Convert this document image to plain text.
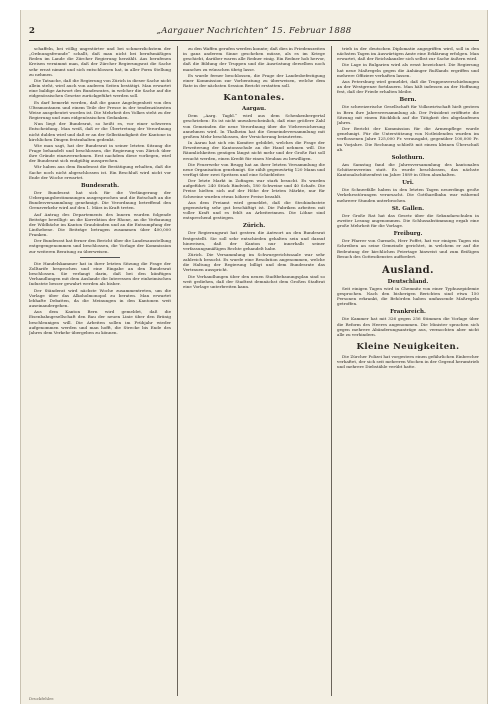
2	„Aargauer Nachrichten“ 15. Februar 1888

schaffeln, bei völlig ungestörter und bei schmerzlichstem der „Ordnungsfreunde“ schallt, daß man nicht bei berufsmäßigen Reden im Lande die Zürcher Regierung herzählt. Aus berufenen Kreisen vernimmt man, daß der Zürcher Regierungsrat die Sache sehr ernst nimmt und sich entschlossen hat, in aller Form Stellung zu nehmen.

Die Tatsache, daß die Regierung von Zürich in dieser Sache nicht allein steht, wird auch von anderen Seiten bestätigt. Man erwartet eine baldige Antwort des Bundesrates, in welcher die Sache auf die eidgenössischen Gesetze zurückgeführt werden soll.

Es darf bemerkt werden, daß die ganze Angelegenheit von den Ultramontanen und einem Teile der Presse in der tendenziösesten Weise ausgebeutet worden ist. Die Mehrheit des Volkes steht zu der Regierung und zum eidgenössischen Gedanken.

Nun liegt der Bundesrat, so heißt es, vor einer schweren Entscheidung. Man weiß, daß er die Übertretung der Verordnung nicht dulden wird und daß er an der Selbständigkeit der Kantone in kirchlichen Dingen festzuhalten gedenkt.

Wie man sagt, hat der Bundesrat in seiner letzten Sitzung die Frage behandelt und beschlossen, die Regierung von Zürich über ihre Gründe einzuvernehmen. Erst nachdem diese vorliegen, wird der Bundesrat sich endgültig aussprechen.

Wir haben aus dem Bundesrat die Bestätigung erhalten, daß die Sache noch nicht abgeschlossen ist. Ein Beschluß wird nicht vor Ende der Woche erwartet.

Bundesrath.

Der Bundesrat hat sich für die Verlängerung der Uebergangsbestimmungen ausgesprochen und die Botschaft an die Bundesversammlung genehmigt. Die Verordnung betreffend den Grenzverkehr wird auf den 1. März in Kraft treten.

Auf Antrag des Departements des Innern wurden folgende Beiträge bewilligt: an die Korrektion der Rhone, an die Verbauung der Wildbäche im Kanton Graubünden und an die Entsumpfung der Linthebene. Die Beiträge betragen zusammen über 400,000 Franken.

Der Bundesrat hat ferner den Bericht über die Landesausstellung entgegengenommen und beschlossen, die Vorlage der Kommission zur weiteren Beratung zu überweisen.

Die Handelskammer hat in ihrer letzten Sitzung die Frage der Zolltarife besprochen und eine Eingabe an den Bundesrat beschlossen. Sie verlangt darin, daß bei den künftigen Verhandlungen mit dem Auslande die Interessen der einheimischen Industrie besser gewahrt werden als bisher.

Der Ständerat wird nächste Woche zusammentreten, um die Vorlage über das Alkoholmonopol zu beraten. Man erwartet lebhafte Debatten, da die Meinungen in den Kantonen weit auseinandergehen.

Aus dem Kanton Bern wird gemeldet, daß die Eisenbahngesellschaft den Bau der neuen Linie über den Brünig beschleunigen will. Die Arbeiten sollen im Frühjahr wieder aufgenommen werden und man hofft, die Strecke bis Ende des Jahres dem Verkehr übergeben zu können.

zu den Waffen gerufen werden konnte; daß dies in Friedenszeiten in ganz anderem Sinne geschehen müsse, als es im Kriege geschieht, darüber waren alle Redner einig. Ein Redner hob hervor, daß die Bildung der Truppen und die Ausrüstung derselben noch manches zu wünschen übrig lasse.

Es wurde ferner beschlossen, die Frage der Landesbefestigung einer Kommission zur Vorberatung zu überweisen, welche dem Rate in der nächsten Session Bericht erstatten soll.

Kantonales.
Aargau.

Dem „Aarg. Tagbl.“ wird aus dem Schenkenbergertal geschrieben: Es ist nicht unwahrscheinlich, daß eine größere Zahl von Gemeinden die neue Verordnung über die Viehversicherung annehmen wird. In Thalheim hat die Gemeindeversammlung mit großem Mehr beschlossen, der Versicherung beizutreten.

In Aarau hat sich ein Komitee gebildet, welches die Frage der Erweiterung der Kantonsschule an die Hand nehmen will. Die Räumlichkeiten genügen längst nicht mehr und der Große Rat soll ersucht werden, einen Kredit für einen Neubau zu bewilligen.

Die Feuerwehr von Brugg hat an ihrer letzten Versammlung die neue Organisation genehmigt. Sie zählt gegenwärtig 120 Mann und verfügt über zwei Spritzen und eine Schiebleiter.

Der letzte Markt in Zofingen war stark besucht. Es wurden aufgeführt: 240 Stück Rindvieh, 180 Schweine und 40 Schafe. Die Preise hielten sich auf der Höhe der letzten Märkte, nur für Schweine wurden etwas höhere Preise bezahlt.

Aus dem Freiamt wird gemeldet, daß die Strohindustrie gegenwärtig sehr gut beschäftigt ist. Die Fabriken arbeiten mit voller Kraft und es fehlt an Arbeiterinnen. Die Löhne sind entsprechend gestiegen.

Zürich.

Der Regierungsrat hat gestern die Antwort an den Bundesrat festgestellt. Sie soll sehr entschieden gehalten sein und darauf hinweisen, daß der Kanton nur innerhalb seiner verfassungsmäßigen Rechte gehandelt habe.

Zürich. Die Versammlung im Schwurgerichtssaale war sehr zahlreich besucht. Es wurde eine Resolution angenommen, welche die Haltung der Regierung billigt und dem Bundesrate das Vertrauen ausspricht.

Die Verhandlungen über den neuen Stadtbebauungsplan sind so weit gediehen, daß der Stadtrat demnächst dem Großen Stadtrat eine Vorlage unterbreiten kann.

trieb in der deutschen Diplomatie angegriffen wird, soll in den nächsten Tagen im Auswärtigen Amte eine Erklärung erfolgen. Man erwartet, daß der Reichskanzler sich selbst zur Sache äußern wird.

Die Lage in Bulgarien wird als ernst bezeichnet. Die Regierung hat neue Maßregeln gegen die Anhänger Rußlands ergriffen und mehrere Offiziere verhaften lassen.

Aus Petersburg wird gemeldet, daß die Truppenverschiebungen an der Westgrenze fortdauern. Man hält indessen an der Hoffnung fest, daß der Friede erhalten bleibe.

Bern.

Die schweizerische Gesellschaft für Volkswirtschaft hielt gestern in Bern ihre Jahresversammlung ab. Der Präsident eröffnete die Sitzung mit einem Rückblick auf die Tätigkeit des abgelaufenen Jahres.

Der Bericht der Kommission für die Armenpflege wurde genehmigt. Für die Unterstützung von Notleidenden wurden im verflossenen Jahre 125,000 Fr. verausgabt, gegenüber 100,000 Fr. im Vorjahre. Die Rechnung schließt mit einem kleinen Überschuß ab.

Solothurn.

Am Samstag fand die Jahresversammlung des kantonalen Schützenvereins statt. Es wurde beschlossen, das nächste Kantonalschützenfest im Jahre 1889 in Olten abzuhalten.

Uri.

Die Schneefälle haben in den letzten Tagen neuerdings große Verkehrsstörungen verursacht. Die Gotthardbahn war während mehrerer Stunden unterbrochen.

St. Gallen.

Der Große Rat hat das Gesetz über die Sekundarschulen in zweiter Lesung angenommen. Die Schlussabstimmung ergab eine große Mehrheit für die Vorlage.

Freiburg.

Der Pfarrer von Gurmels, Herr Poffet, hat vor einigen Tagen ein Schreiben an seine Gemeinde gerichtet, in welchem er auf die Bedeutung der kirchlichen Feiertage hinweist und zum fleißigen Besuch des Gottesdienstes auffordert.

Ausland.
Deutschland.

Seit einigen Tagen wird in Chemnitz von einer Typhusepidemie gesprochen. Nach den bisherigen Berichten sind etwa 150 Personen erkrankt, die Behörden haben umfassende Maßregeln getroffen.

Frankreich.

Die Kammer hat mit 326 gegen 256 Stimmen die Vorlage über die Reform des Heeres angenommen. Die Minister sprachen sich gegen mehrere Abänderungsanträge aus, vermochten aber nicht alle zu verhindern.

Kleine Neuigkeiten.

Die Zürcher Polizei hat vorgestern einen gefährlichen Einbrecher verhaftet, der sich seit mehreren Wochen in der Gegend herumtrieb und mehrere Diebstähle verübt hatte.

Druckfehler.
